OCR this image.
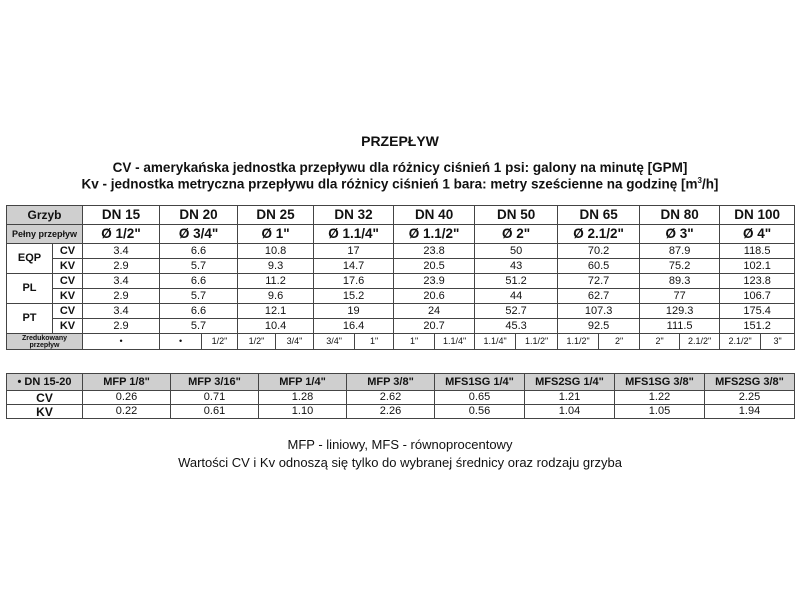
PRZEPŁYW
CV - amerykańska jednostka przepływu dla różnicy ciśnień 1 psi: galony na minutę [GPM]
Kv - jednostka metryczna przepływu dla różnicy ciśnień 1 bara: metry sześcienne na godzinę $[m^3/h]$
Grzyb		DN 15	DN 20		DN 25		DN 32		DN 40		DN 50		DN 65		DN 80		DN 100	
Pełny przepływ		Ø 1/2"	Ø 3/4"		Ø 1"		Ø 1.1/4"		Ø 1.1/2"		Ø 2"		Ø 2.1/2"		Ø 3"		Ø 4"	
EQP	CV	3.4	6.6		10.8		17		23.8		50		70.2		87.9		118.5	
	KV	2.9	5.7		9.3		14.7		20.5		43		60.5		75.2		102.1	
PL	CV	3.4	6.6		11.2		17.6		23.9		51.2		72.7		89.3		123.8	
	KV	2.9	5.7		9.6		15.2		20.6		44		62.7		77		106.7	
PT	CV	3.4	6.6		12.1		19		24		52.7		107.3		129.3		175.4	
	KV	2.9	5.7		10.4		16.4		20.7		45.3		92.5		111.5		151.2	
Zredukowany przepływ		•	•	1/2"	1/2"	3/4"	3/4"	1"	1"	1.1/4"	1.1/4"	1.1/2"	1.1/2"	2"	2"	2.1/2"	2.1/2"	3"
• DN 15-20	MFP 1/8"	MFP 3/16"	MFP 1/4"	MFP 3/8"	MFS1SG 1/4"	MFS2SG 1/4"	MFS1SG 3/8"	MFS2SG 3/8"
CV	0.26	0.71	1.28	2.62	0.65	1.21	1.22	2.25
KV	0.22	0.61	1.10	2.26	0.56	1.04	1.05	1.94
MFP - liniowy, MFS - równoprocentowy
Wartości CV i Kv odnoszą się tylko do wybranej średnicy oraz rodzaju grzyba
